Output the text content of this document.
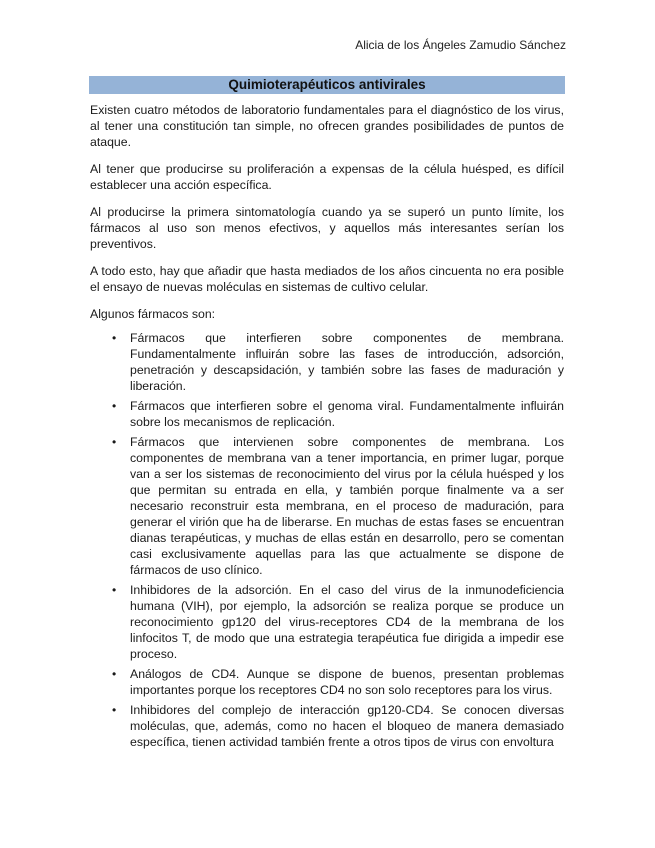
Alicia de los Ángeles Zamudio Sánchez
Quimioterapéuticos antivirales

Existen cuatro métodos de laboratorio fundamentales para el diagnóstico de los virus, al tener una constitución tan simple, no ofrecen grandes posibilidades de puntos de ataque.

Al tener que producirse su proliferación a expensas de la célula huésped, es difícil establecer una acción específica.

Al producirse la primera sintomatología cuando ya se superó un punto límite, los fármacos al uso son menos efectivos, y aquellos más interesantes serían los preventivos.

A todo esto, hay que añadir que hasta mediados de los años cincuenta no era posible el ensayo de nuevas moléculas en sistemas de cultivo celular.

Algunos fármacos son:

• Fármacos que interfieren sobre componentes de membrana. Fundamentalmente influirán sobre las fases de introducción, adsorción, penetración y descapsidación, y también sobre las fases de maduración y liberación.
• Fármacos que interfieren sobre el genoma viral. Fundamentalmente influirán sobre los mecanismos de replicación.
• Fármacos que intervienen sobre componentes de membrana. Los componentes de membrana van a tener importancia, en primer lugar, porque van a ser los sistemas de reconocimiento del virus por la célula huésped y los que permitan su entrada en ella, y también porque finalmente va a ser necesario reconstruir esta membrana, en el proceso de maduración, para generar el virión que ha de liberarse. En muchas de estas fases se encuentran dianas terapéuticas, y muchas de ellas están en desarrollo, pero se comentan casi exclusivamente aquellas para las que actualmente se dispone de fármacos de uso clínico.
• Inhibidores de la adsorción. En el caso del virus de la inmunodeficiencia humana (VIH), por ejemplo, la adsorción se realiza porque se produce un reconocimiento gp120 del virus-receptores CD4 de la membrana de los linfocitos T, de modo que una estrategia terapéutica fue dirigida a impedir ese proceso.
• Análogos de CD4. Aunque se dispone de buenos, presentan problemas importantes porque los receptores CD4 no son solo receptores para los virus.
• Inhibidores del complejo de interacción gp120-CD4. Se conocen diversas moléculas, que, además, como no hacen el bloqueo de manera demasiado específica, tienen actividad también frente a otros tipos de virus con envoltura
